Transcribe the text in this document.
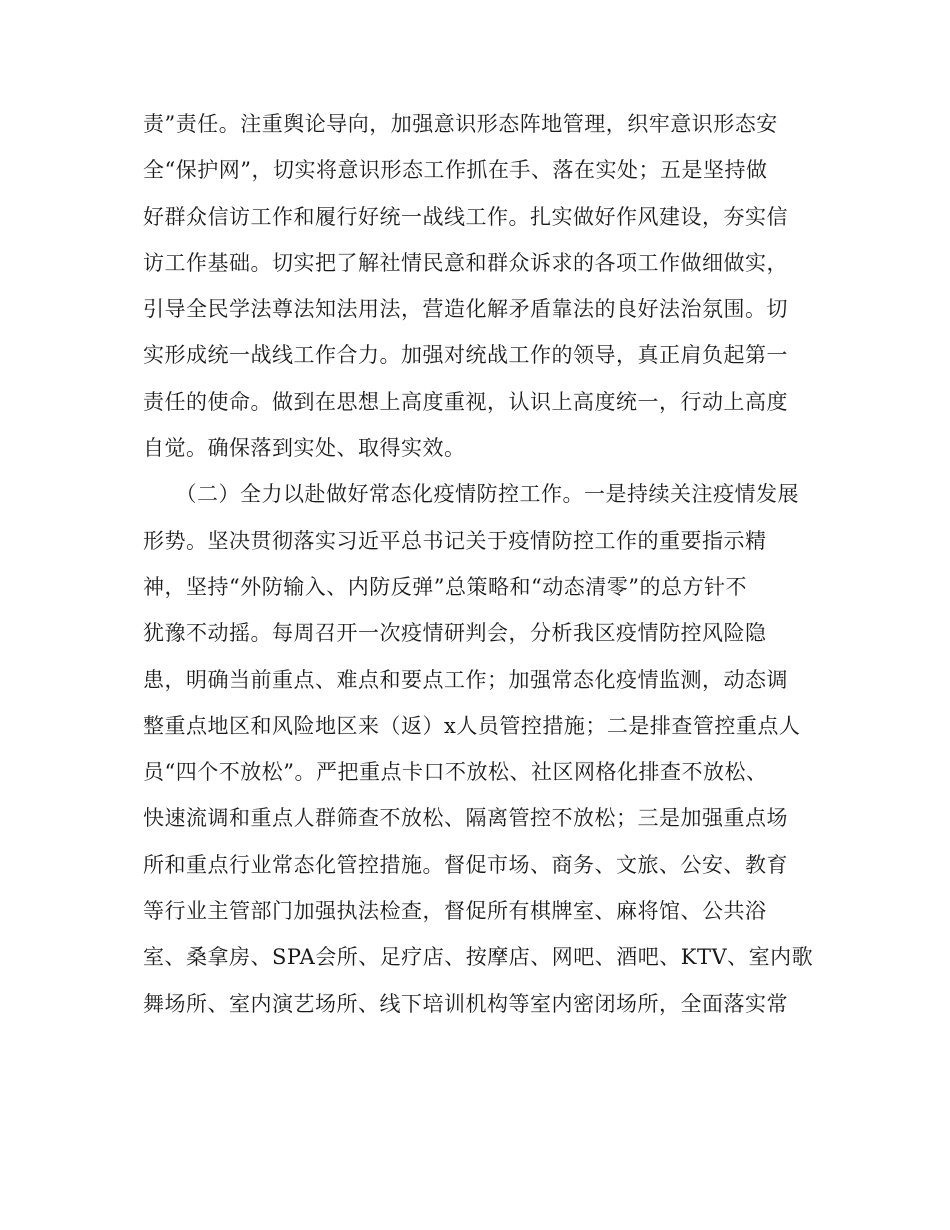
责”责任。注重舆论导向，加强意识形态阵地管理，织牢意识形态安
全“保护网”，切实将意识形态工作抓在手、落在实处；五是坚持做
好群众信访工作和履行好统一战线工作。扎实做好作风建设，夯实信
访工作基础。切实把了解社情民意和群众诉求的各项工作做细做实，
引导全民学法尊法知法用法，营造化解矛盾靠法的良好法治氛围。切
实形成统一战线工作合力。加强对统战工作的领导，真正肩负起第一
责任的使命。做到在思想上高度重视，认识上高度统一，行动上高度
自觉。确保落到实处、取得实效。
　　（二）全力以赴做好常态化疫情防控工作。一是持续关注疫情发展
形势。坚决贯彻落实习近平总书记关于疫情防控工作的重要指示精
神，坚持“外防输入、内防反弹”总策略和“动态清零”的总方针不
犹豫不动摇。每周召开一次疫情研判会，分析我区疫情防控风险隐
患，明确当前重点、难点和要点工作；加强常态化疫情监测，动态调
整重点地区和风险地区来（返）x人员管控措施；二是排查管控重点人
员“四个不放松”。严把重点卡口不放松、社区网格化排查不放松、
快速流调和重点人群筛查不放松、隔离管控不放松；三是加强重点场
所和重点行业常态化管控措施。督促市场、商务、文旅、公安、教育
等行业主管部门加强执法检查，督促所有棋牌室、麻将馆、公共浴
室、桑拿房、SPA会所、足疗店、按摩店、网吧、酒吧、KTV、室内歌
舞场所、室内演艺场所、线下培训机构等室内密闭场所，全面落实常
